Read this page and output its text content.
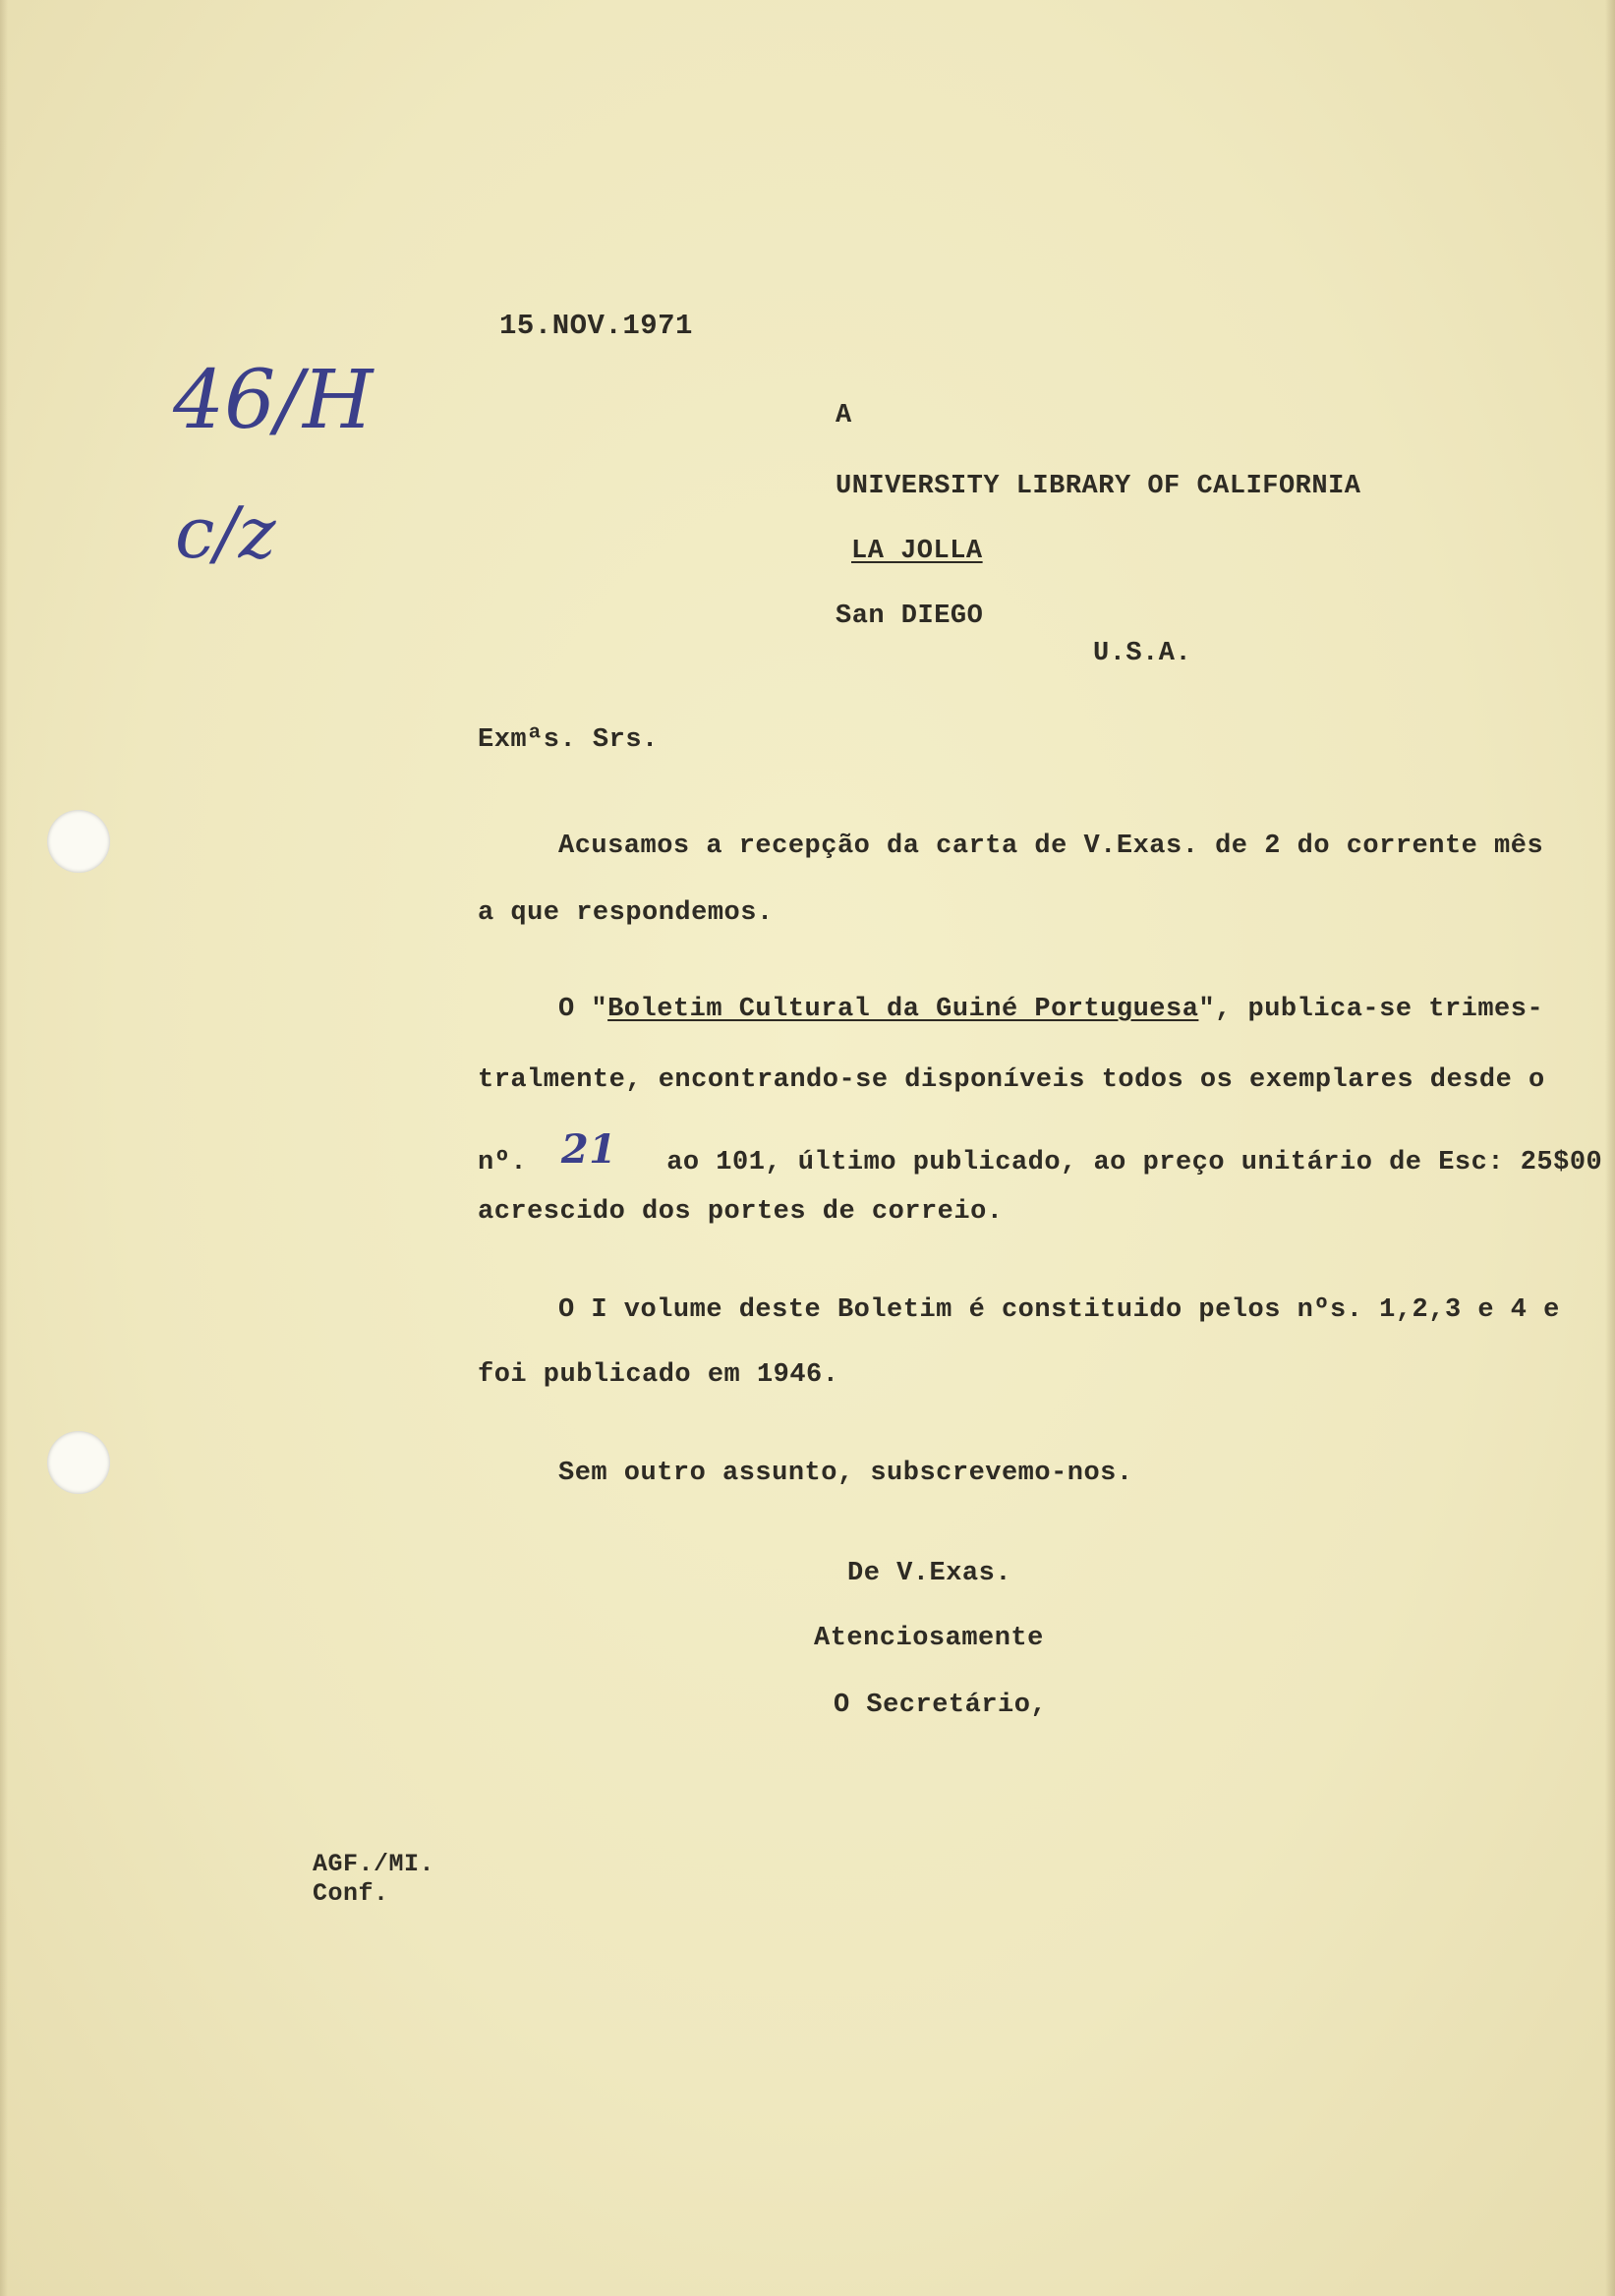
15.NOV.1971
46/H
c/z
A
UNIVERSITY LIBRARY OF CALIFORNIA
LA JOLLA
San DIEGO
U.S.A.
Exmªs. Srs.
Acusamos a recepção da carta de V.Exas. de 2 do corrente mês
a que respondemos.
O "Boletim Cultural da Guiné Portuguesa", publica-se trimes-
tralmente, encontrando-se disponíveis todos os exemplares desde o
nº. 21 ao 101, último publicado, ao preço unitário de Esc: 25$00
acrescido dos portes de correio.
O I volume deste Boletim é constituido pelos nºs. 1,2,3 e 4 e
foi publicado em 1946.
Sem outro assunto, subscrevemo-nos.
De V.Exas.
Atenciosamente
O Secretário,
AGF./MI.
Conf.
